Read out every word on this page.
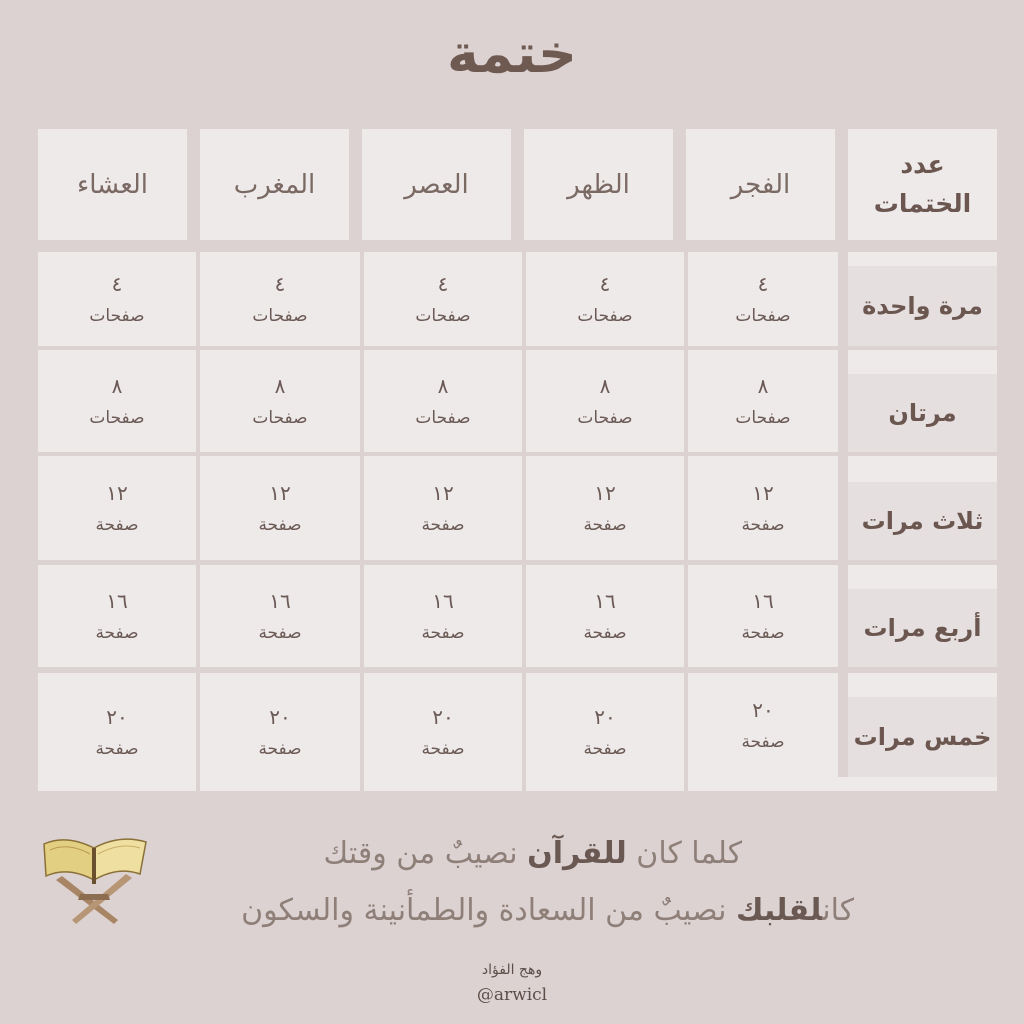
ختمة
عدد
الختمات
الفجر
الظهر
العصر
المغرب
العشاء
مرة واحدة
٤
صفحات
٤
صفحات
٤
صفحات
٤
صفحات
٤
صفحات
مرتان
٨
صفحات
٨
صفحات
٨
صفحات
٨
صفحات
٨
صفحات
ثلاث مرات
١٢
صفحة
١٢
صفحة
١٢
صفحة
١٢
صفحة
١٢
صفحة
أربع مرات
١٦
صفحة
١٦
صفحة
١٦
صفحة
١٦
صفحة
١٦
صفحة
خمس مرات
٢٠
صفحة
٢٠
صفحة
٢٠
صفحة
٢٠
صفحة
٢٠
صفحة
كلما كان للقرآن نصيبٌ من وقتك
كانلقلبك نصيبٌ من السعادة والطمأنينة والسكون
وهج الفؤاد
@arwicl
